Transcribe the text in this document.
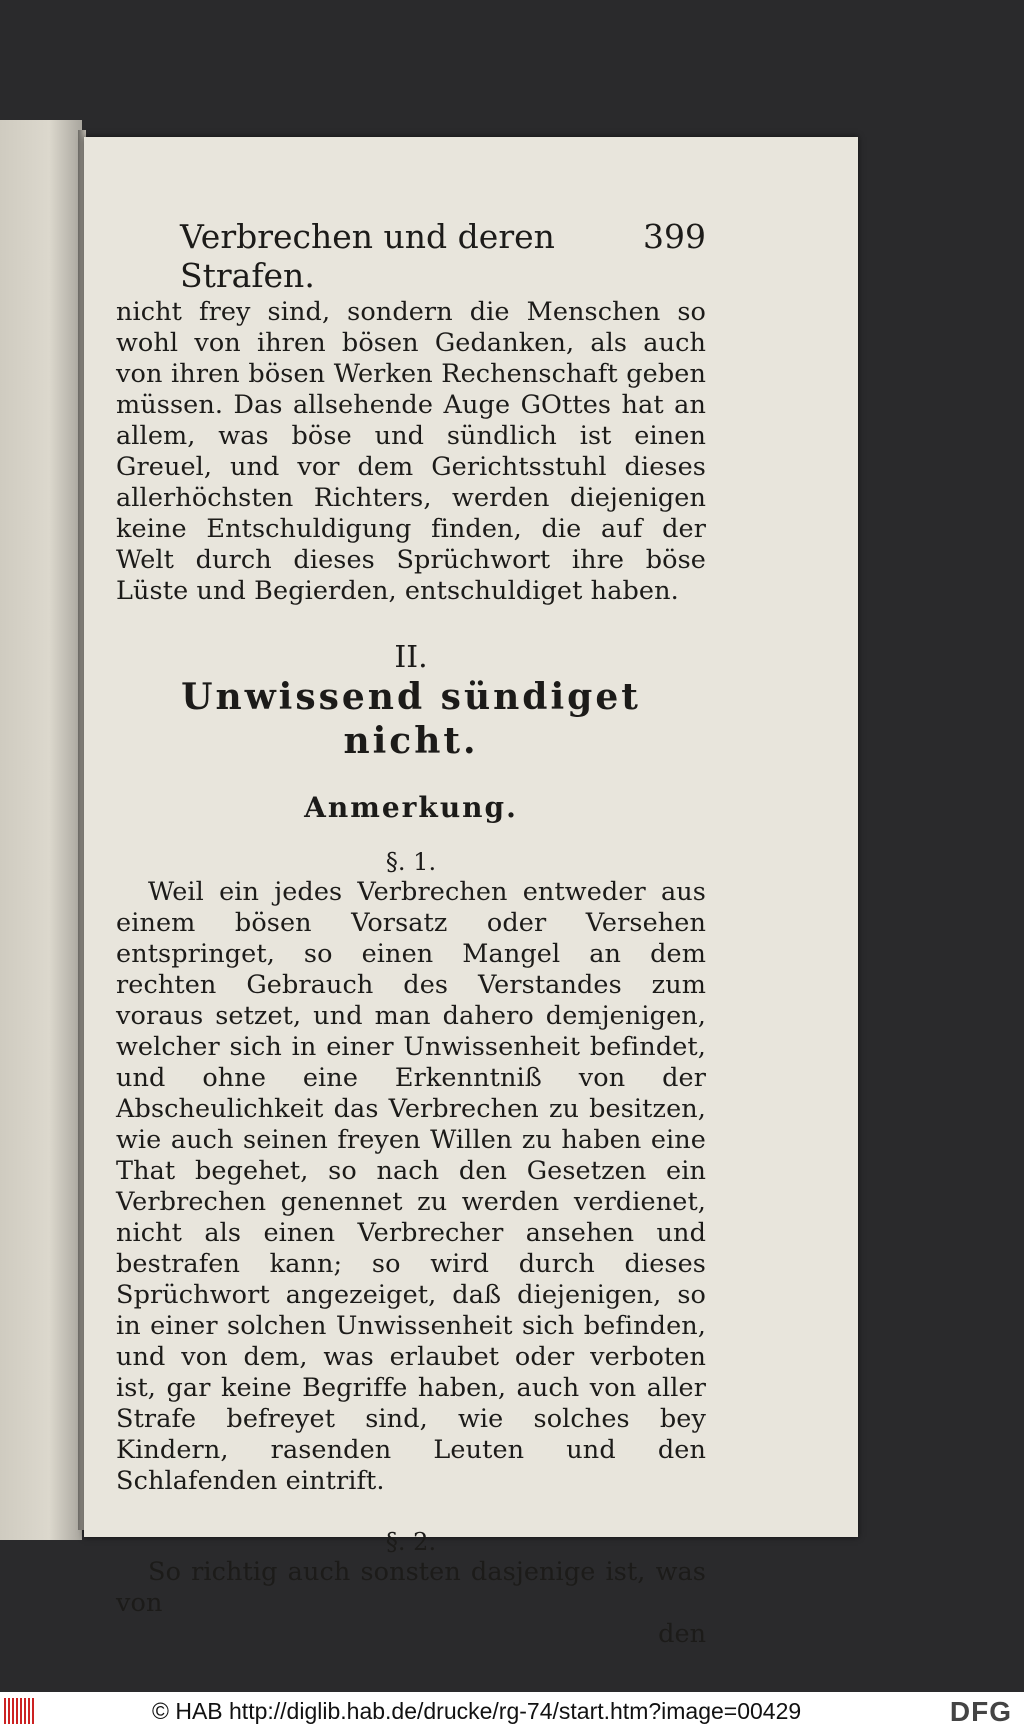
Verbrechen und deren Strafen.
399

nicht frey sind, sondern die Menschen so wohl von ihren bösen Gedanken, als auch von ihren bösen Werken Rechenschaft geben müssen. Das allsehende Auge GOttes hat an allem, was böse und sündlich ist einen Greuel, und vor dem Gerichtsstuhl dieses allerhöchsten Richters, werden diejenigen keine Entschuldigung finden, die auf der Welt durch dieses Sprüchwort ihre böse Lüste und Begierden, entschuldiget haben.

II.
Unwissend sündiget nicht.
Anmerkung.
§. 1.

Weil ein jedes Verbrechen entweder aus einem bösen Vorsatz oder Versehen entspringet, so einen Mangel an dem rechten Gebrauch des Verstandes zum voraus setzet, und man dahero demjenigen, welcher sich in einer Unwissenheit befindet, und ohne eine Erkenntniß von der Abscheulichkeit das Verbrechen zu besitzen, wie auch seinen freyen Willen zu haben eine That begehet, so nach den Gesetzen ein Verbrechen genennet zu werden verdienet, nicht als einen Verbrecher ansehen und bestrafen kann; so wird durch dieses Sprüchwort angezeiget, daß diejenigen, so in einer solchen Unwissenheit sich befinden, und von dem, was erlaubet oder verboten ist, gar keine Begriffe haben, auch von aller Strafe befreyet sind, wie solches bey Kindern, rasenden Leuten und den Schlafenden eintrift.

§. 2.

So richtig auch sonsten dasjenige ist, was von

den
© HAB http://diglib.hab.de/drucke/rg-74/start.htm?image=00429	DFG
